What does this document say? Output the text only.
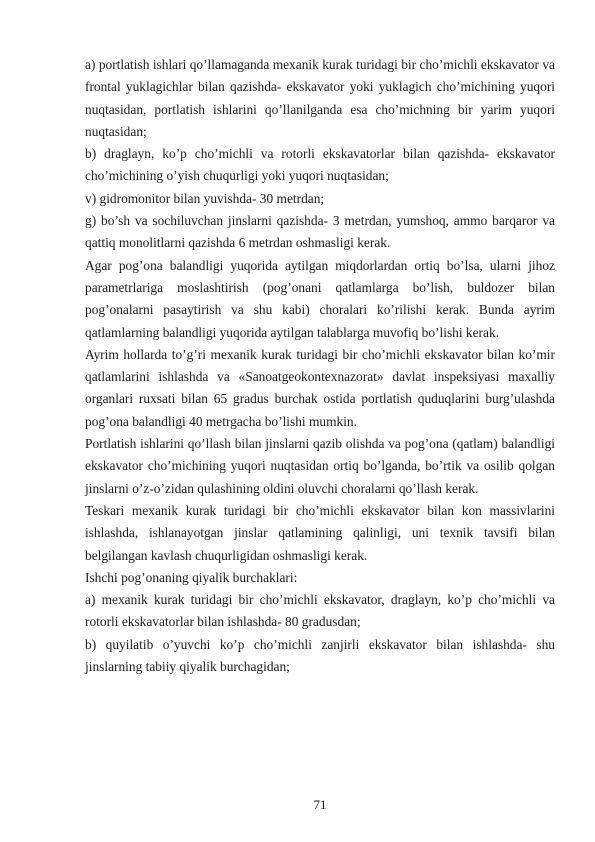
a) portlatish ishlari qo’llamaganda mexanik kurak turidagi bir cho’michli ekskavator va frontal yuklagichlar bilan qazishda- ekskavator yoki yuklagich cho’michining yuqori nuqtasidan, portlatish ishlarini qo’llanilganda esa cho’michning bir yarim yuqori nuqtasidan;

b) draglayn, ko’p cho’michli va rotorli ekskavatorlar bilan qazishda- ekskavator cho’michining o’yish chuqurligi yoki yuqori nuqtasidan;

v) gidromonitor bilan yuvishda- 30 metrdan;

g) bo’sh va sochiluvchan jinslarni qazishda- 3 metrdan, yumshoq, ammo barqaror va qattiq monolitlarni qazishda 6 metrdan oshmasligi kerak.

Agar pog’ona balandligi yuqorida aytilgan miqdorlardan ortiq bo’lsa, ularni jihoz parametrlariga moslashtirish (pog’onani qatlamlarga bo’lish, buldozer bilan pog’onalarni pasaytirish va shu kabi) choralari ko’rilishi kerak. Bunda ayrim qatlamlarning balandligi yuqorida aytilgan talablarga muvofiq bo’lishi kerak.

Ayrim hollarda to’g’ri mexanik kurak turidagi bir cho’michli ekskavator bilan ko’mir qatlamlarini ishlashda va «Sanoatgeokontexnazorat» davlat inspeksiyasi maxalliy organlari ruxsati bilan 65 gradus burchak ostida portlatish quduqlarini burg’ulashda pog’ona balandligi 40 metrgacha bo’lishi mumkin.

Portlatish ishlarini qo’llash bilan jinslarni qazib olishda va pog’ona (qatlam) balandligi ekskavator cho’michining yuqori nuqtasidan ortiq bo’lganda, bo’rtik va osilib qolgan jinslarni o’z-o’zidan qulashining oldini oluvchi choralarni qo’llash kerak.

Teskari mexanik kurak turidagi bir cho’michli ekskavator bilan kon massivlarini ishlashda, ishlanayotgan jinslar qatlamining qalinligi, uni texnik tavsifi bilan belgilangan kavlash chuqurligidan oshmasligi kerak.

Ishchi pog’onaning qiyalik burchaklari:

a) mexanik kurak turidagi bir cho’michli ekskavator, draglayn, ko’p cho’michli va rotorli ekskavatorlar bilan ishlashda- 80 gradusdan;

b) quyilatib o’yuvchi ko’p cho’michli zanjirli ekskavator bilan ishlashda- shu jinslarning tabiiy qiyalik burchagidan;

71
